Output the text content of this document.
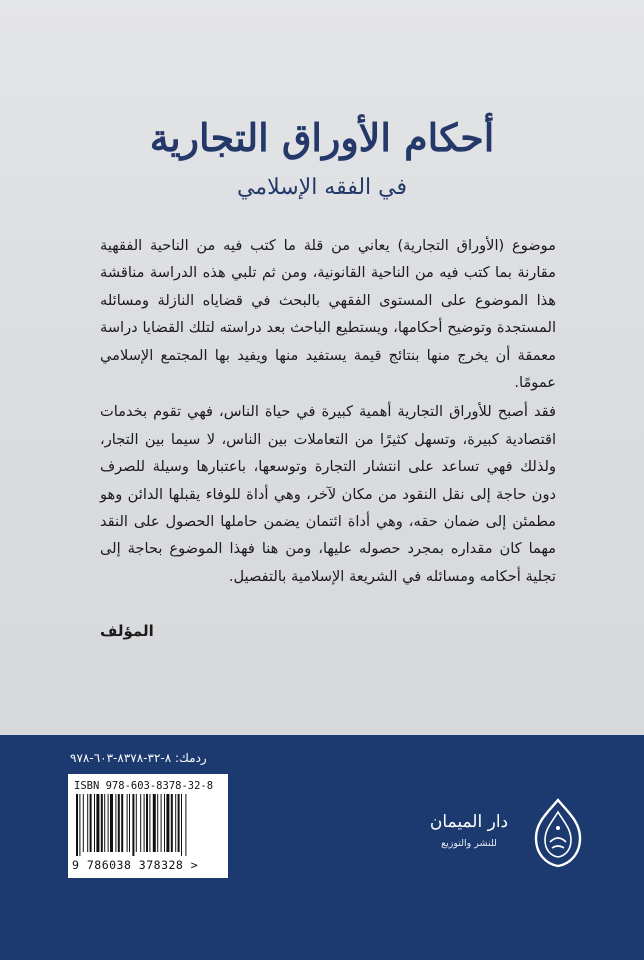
أحكام الأوراق التجارية
في الفقه الإسلامي

موضوع (الأوراق التجارية) يعاني من قلة ما كتب فيه من الناحية الفقهية مقارنة بما كتب فيه من الناحية القانونية، ومن ثم تلبي هذه الدراسة مناقشة هذا الموضوع على المستوى الفقهي بالبحث في قضاياه النازلة ومسائله المستجدة وتوضيح أحكامها، ويستطيع الباحث بعد دراسته لتلك القضايا دراسة معمقة أن يخرج منها بنتائج قيمة يستفيد منها ويفيد بها المجتمع الإسلامي عمومًا.

فقد أصبح للأوراق التجارية أهمية كبيرة في حياة الناس، فهي تقوم بخدمات اقتصادية كبيرة، وتسهل كثيرًا من التعاملات بين الناس، لا سيما بين التجار، ولذلك فهي تساعد على انتشار التجارة وتوسعها، باعتبارها وسيلة للصرف دون حاجة إلى نقل النقود من مكان لآخر، وهي أداة للوفاء يقبلها الدائن وهو مطمئن إلى ضمان حقه، وهي أداة ائتمان يضمن حاملها الحصول على النقد مهما كان مقداره بمجرد حصوله عليها، ومن هنا فهذا الموضوع بحاجة إلى تجلية أحكامه ومسائله في الشريعة الإسلامية بالتفصيل.

المؤلف
ردمك: ٨-٣٢-٨٣٧٨-٦٠٣-٩٧٨
ISBN 978-603-8378-32-8
9 786038 378328 >
دار الميمان
للنشر والتوزيع
